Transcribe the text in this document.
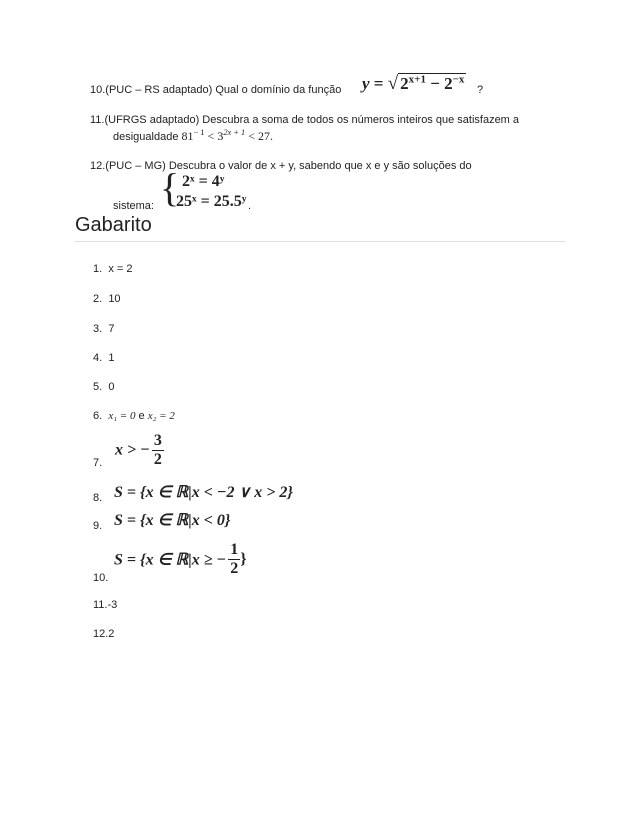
10.(PUC – RS adaptado) Qual o domínio da função y = √ $2^{x+1} - 2^{-x}$
?
11.(UFRGS adaptado) Descubra a soma de todos os números inteiros que satisfazem a
desigualdade $81^{- 1} < 3^{2x + 1} < 27$.
12.(PUC – MG) Descubra o valor de x + y, sabendo que x e y são soluções do
sistema: { 2ˣ = 4ʸ
25ˣ = 25.5ʸ .
Gabarito
1. x = 2
2. 10
3. 7
4. 1
5. 0
6. x₁ = 0 e x₂ = 2
7.
x > − $\frac{3}{2}$
8. S = {x ∈ ℝ|x < −2 ∨ x > 2}
9. S = {x ∈ ℝ|x < 0}
10.
S = {x ∈ ℝ|x ≥ − $\frac{1}{2}$ }
11.-3
12.2
